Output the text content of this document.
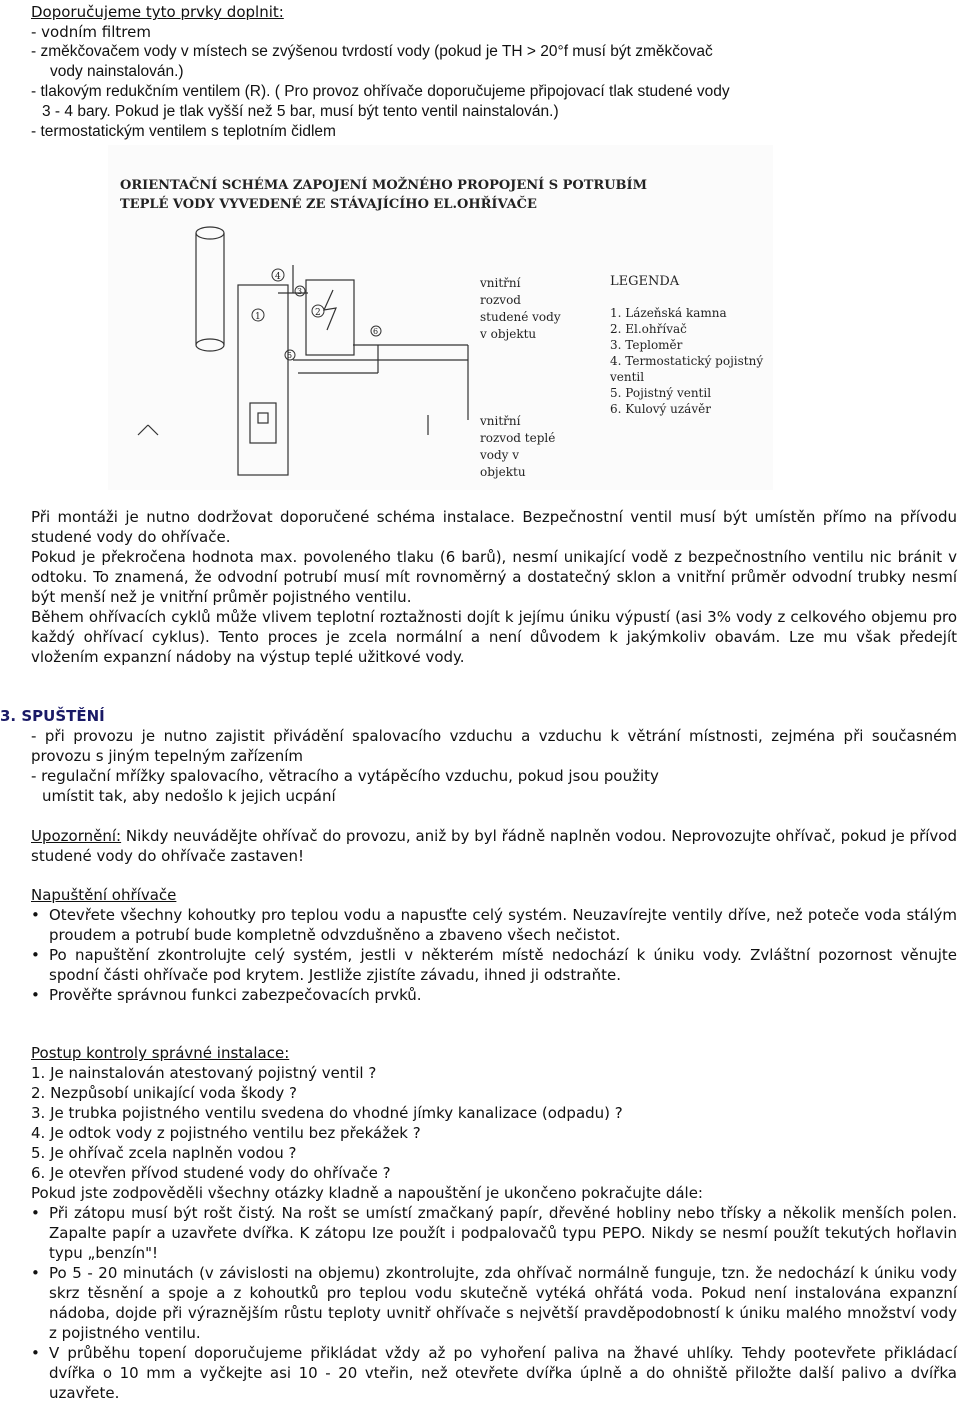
Doporučujeme tyto prvky doplnit:
- vodním filtrem
- změkčovačem vody v místech se zvýšenou tvrdostí vody (pokud je TH > 20°f musí být změkčovač
vody nainstalován.)
- tlakovým redukčním ventilem (R). ( Pro provoz ohřívače doporučujeme připojovací tlak studené vody
3 - 4 bary. Pokud je tlak vyšší než 5 bar, musí být tento ventil nainstalován.)
- termostatickým ventilem s teplotním čidlem
ORIENTAČNÍ SCHÉMA ZAPOJENÍ MOŽNÉHO PROPOJENÍ S POTRUBÍM
TEPLÉ VODY VYVEDENÉ ZE STÁVAJÍCÍHO EL.OHŘÍVAČE
1	2
3
4
5
6
vnitřní
rozvod
studené vody
v objektu
vnitřní
rozvod teplé
vody v
objektu
LEGENDA
1. Lázeňská kamna
2. El.ohřívač
3. Teploměr
4. Termostatický pojistný
ventil
5. Pojistný ventil
6. Kulový uzávěr
Při montáži je nutno dodržovat doporučené schéma instalace. Bezpečnostní ventil musí být umístěn přímo na přívodu studené vody do ohřívače.
Pokud je překročena hodnota max. povoleného tlaku (6 barů), nesmí unikající vodě z bezpečnostního ventilu nic bránit v odtoku. To znamená, že odvodní potrubí musí mít rovnoměrný a dostatečný sklon a vnitřní průměr odvodní trubky nesmí být menší než je vnitřní průměr pojistného ventilu.
Během ohřívacích cyklů může vlivem teplotní roztažnosti dojít k jejímu úniku výpustí (asi 3% vody z celkového objemu pro každý ohřívací cyklus). Tento proces je zcela normální a není důvodem k jakýmkoliv obavám. Lze mu však předejít vložením expanzní nádoby na výstup teplé užitkové vody.
3. SPUŠTĚNÍ
- při provozu je nutno zajistit přivádění spalovacího vzduchu a vzduchu k větrání místnosti, zejména při současném provozu s jiným tepelným zařízením
- regulační mřížky spalovacího, větracího a vytápěcího vzduchu, pokud jsou použity
umístit tak, aby nedošlo k jejich ucpání
Upozornění: Nikdy neuvádějte ohřívač do provozu, aniž by byl řádně naplněn vodou. Neprovozujte ohřívač, pokud je přívod studené vody do ohřívače zastaven!
Napuštění ohřívače
• Otevřete všechny kohoutky pro teplou vodu a napusťte celý systém. Neuzavírejte ventily dříve, než poteče voda stálým proudem a potrubí bude kompletně odvzdušněno a zbaveno všech nečistot.
• Po napuštění zkontrolujte celý systém, jestli v některém místě nedochází k úniku vody. Zvláštní pozornost věnujte spodní části ohřívače pod krytem. Jestliže zjistíte závadu, ihned ji odstraňte.
• Prověřte správnou funkci zabezpečovacích prvků.
Postup kontroly správné instalace:
1. Je nainstalován atestovaný pojistný ventil ?
2. Nezpůsobí unikající voda škody ?
3. Je trubka pojistného ventilu svedena do vhodné jímky kanalizace (odpadu) ?
4. Je odtok vody z pojistného ventilu bez překážek ?
5. Je ohřívač zcela naplněn vodou ?
6. Je otevřen přívod studené vody do ohřívače ?
Pokud jste zodpověděli všechny otázky kladně a napouštění je ukončeno pokračujte dále:
• Při zátopu musí být rošt čistý. Na rošt se umístí zmačkaný papír, dřevěné hobliny nebo třísky a několik menších polen. Zapalte papír a uzavřete dvířka. K zátopu Ize použít i podpalovačů typu PEPO. Nikdy se nesmí použít tekutých hořlavin typu „benzín"!
• Po 5 - 20 minutách (v závislosti na objemu) zkontrolujte, zda ohřívač normálně funguje, tzn. že nedochází k úniku vody skrz těsnění a spoje a z kohoutků pro teplou vodu skutečně vytéká ohřátá voda. Pokud není instalována expanzní nádoba, dojde při výraznějším růstu teploty uvnitř ohřívače s největší pravděpodobností k úniku malého množství vody z pojistného ventilu.
• V průběhu topení doporučujeme přikládat vždy až po vyhoření paliva na žhavé uhlíky. Tehdy pootevřete přikládací dvířka o 10 mm a vyčkejte asi 10 - 20 vteřin, než otevřete dvířka úplně a do ohniště přiložte další palivo a dvířka uzavřete.
